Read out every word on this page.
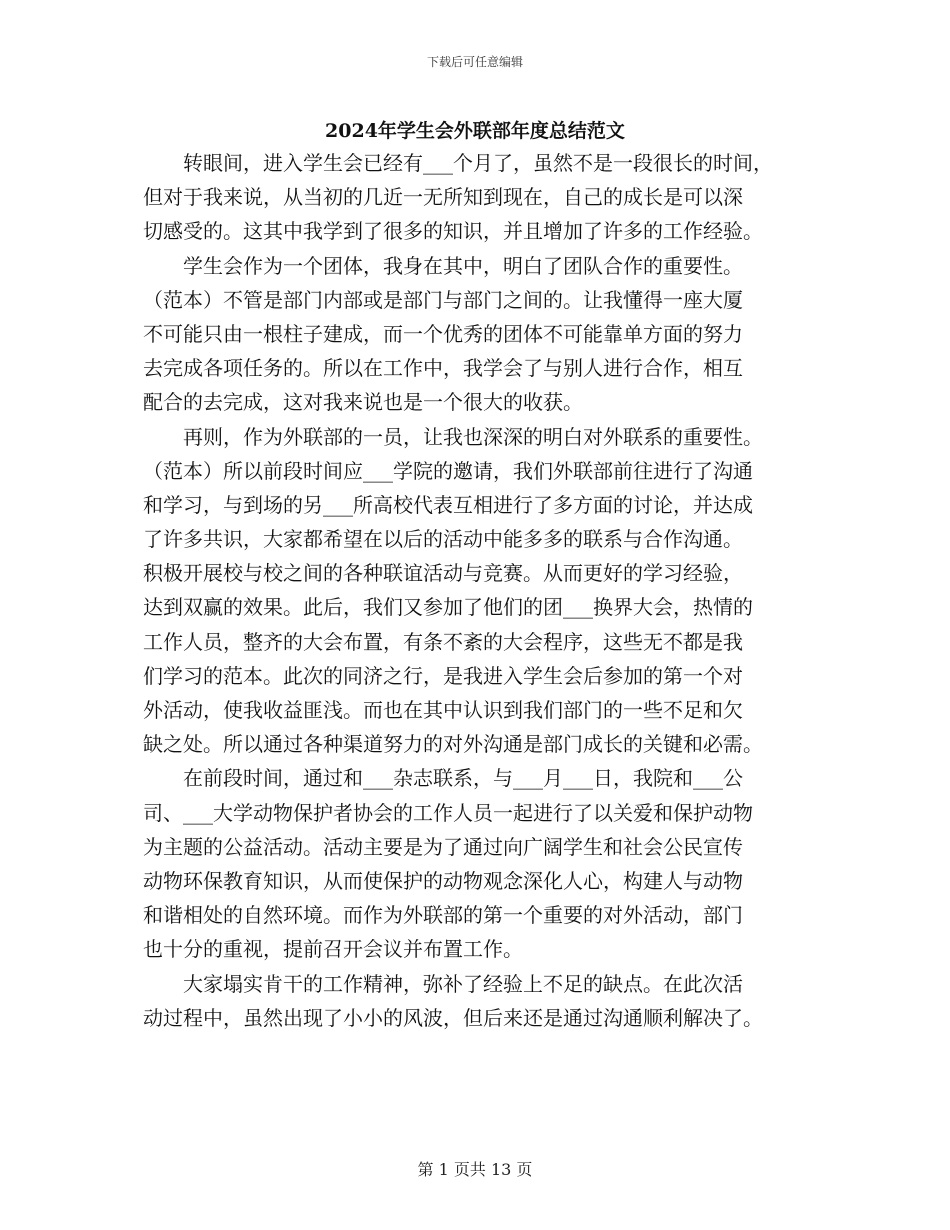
下载后可任意编辑
2024年学生会外联部年度总结范文
　　转眼间，进入学生会已经有___个月了，虽然不是一段很长的时间，
但对于我来说，从当初的几近一无所知到现在，自己的成长是可以深
切感受的。这其中我学到了很多的知识，并且增加了许多的工作经验。
　　学生会作为一个团体，我身在其中，明白了团队合作的重要性。
（范本）不管是部门内部或是部门与部门之间的。让我懂得一座大厦
不可能只由一根柱子建成，而一个优秀的团体不可能靠单方面的努力
去完成各项任务的。所以在工作中，我学会了与别人进行合作，相互
配合的去完成，这对我来说也是一个很大的收获。
　　再则，作为外联部的一员，让我也深深的明白对外联系的重要性。
（范本）所以前段时间应___学院的邀请，我们外联部前往进行了沟通
和学习，与到场的另___所高校代表互相进行了多方面的讨论，并达成
了许多共识，大家都希望在以后的活动中能多多的联系与合作沟通。
积极开展校与校之间的各种联谊活动与竞赛。从而更好的学习经验，
达到双赢的效果。此后，我们又参加了他们的团___换界大会，热情的
工作人员，整齐的大会布置，有条不紊的大会程序，这些无不都是我
们学习的范本。此次的同济之行，是我进入学生会后参加的第一个对
外活动，使我收益匪浅。而也在其中认识到我们部门的一些不足和欠
缺之处。所以通过各种渠道努力的对外沟通是部门成长的关键和必需。
　　在前段时间，通过和___杂志联系，与___月___日，我院和___公
司、___大学动物保护者协会的工作人员一起进行了以关爱和保护动物
为主题的公益活动。活动主要是为了通过向广阔学生和社会公民宣传
动物环保教育知识，从而使保护的动物观念深化人心，构建人与动物
和谐相处的自然环境。而作为外联部的第一个重要的对外活动，部门
也十分的重视，提前召开会议并布置工作。
　　大家塌实肯干的工作精神，弥补了经验上不足的缺点。在此次活
动过程中，虽然出现了小小的风波，但后来还是通过沟通顺利解决了。
第 1 页共 13 页
